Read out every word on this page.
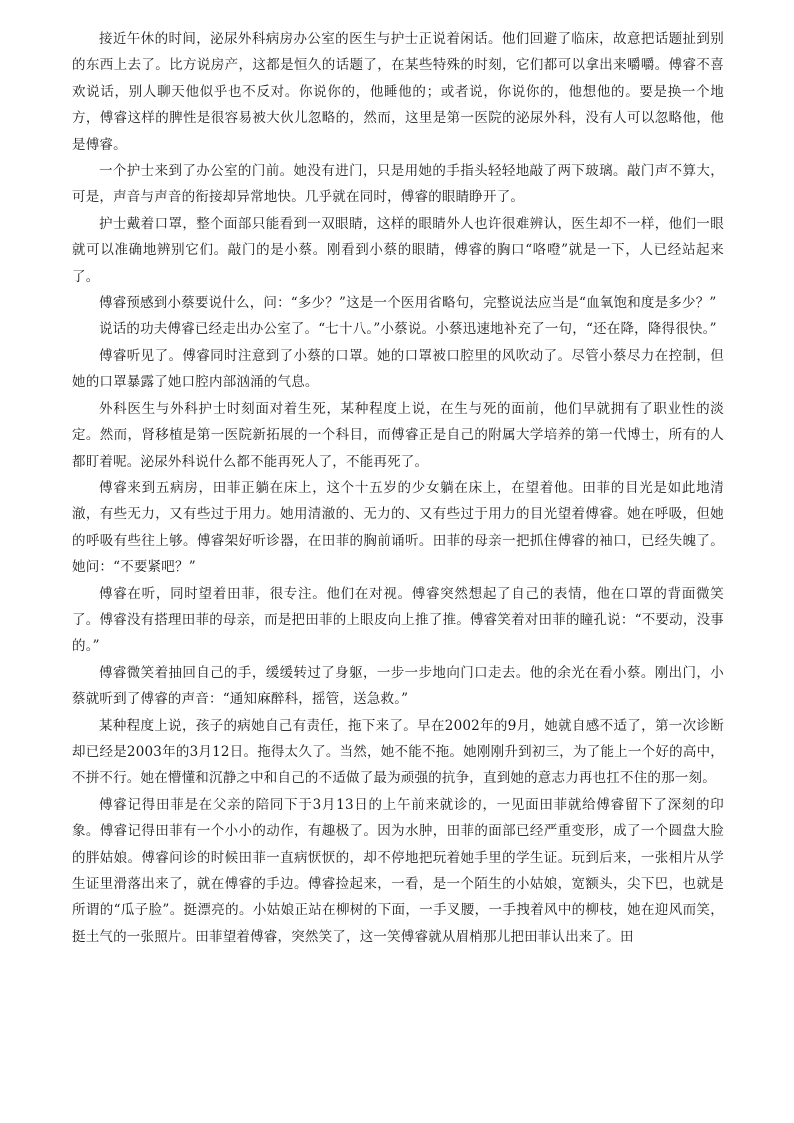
接近午休的时间，泌尿外科病房办公室的医生与护士正说着闲话。他们回避了临床，故意把话题扯到别的东西上去了。比方说房产，这都是恒久的话题了，在某些特殊的时刻，它们都可以拿出来嚼嚼。傅睿不喜欢说话，别人聊天他似乎也不反对。你说你的，他睡他的；或者说，你说你的，他想他的。要是换一个地方，傅睿这样的脾性是很容易被大伙儿忽略的，然而，这里是第一医院的泌尿外科，没有人可以忽略他，他是傅睿。

一个护士来到了办公室的门前。她没有进门，只是用她的手指头轻轻地敲了两下玻璃。敲门声不算大，可是，声音与声音的衔接却异常地快。几乎就在同时，傅睿的眼睛睁开了。

护士戴着口罩，整个面部只能看到一双眼睛，这样的眼睛外人也许很难辨认，医生却不一样，他们一眼就可以准确地辨别它们。敲门的是小蔡。刚看到小蔡的眼睛，傅睿的胸口“咯噔”就是一下，人已经站起来了。

傅睿预感到小蔡要说什么，问：“多少？”这是一个医用省略句，完整说法应当是“血氧饱和度是多少？”

说话的功夫傅睿已经走出办公室了。“七十八。”小蔡说。小蔡迅速地补充了一句，“还在降，降得很快。”

傅睿听见了。傅睿同时注意到了小蔡的口罩。她的口罩被口腔里的风吹动了。尽管小蔡尽力在控制，但她的口罩暴露了她口腔内部汹涌的气息。

外科医生与外科护士时刻面对着生死，某种程度上说，在生与死的面前，他们早就拥有了职业性的淡定。然而，肾移植是第一医院新拓展的一个科目，而傅睿正是自己的附属大学培养的第一代博士，所有的人都盯着呢。泌尿外科说什么都不能再死人了，不能再死了。

傅睿来到五病房，田菲正躺在床上，这个十五岁的少女躺在床上，在望着他。田菲的目光是如此地清澈，有些无力，又有些过于用力。她用清澈的、无力的、又有些过于用力的目光望着傅睿。她在呼吸，但她的呼吸有些往上够。傅睿架好听诊器，在田菲的胸前诵听。田菲的母亲一把抓住傅睿的袖口，已经失魄了。她问：“不要紧吧？”

傅睿在听，同时望着田菲，很专注。他们在对视。傅睿突然想起了自己的表情，他在口罩的背面微笑了。傅睿没有搭理田菲的母亲，而是把田菲的上眼皮向上推了推。傅睿笑着对田菲的瞳孔说：“不要动，没事的。”

傅睿微笑着抽回自己的手，缓缓转过了身躯，一步一步地向门口走去。他的余光在看小蔡。刚出门，小蔡就听到了傅睿的声音：“通知麻醉科，摇管，送急救。”

某种程度上说，孩子的病她自己有责任，拖下来了。早在2002年的9月，她就自感不适了，第一次诊断却已经是2003年的3月12日。拖得太久了。当然，她不能不拖。她刚刚升到初三，为了能上一个好的高中，不拼不行。她在懵懂和沉静之中和自己的不适做了最为顽强的抗争，直到她的意志力再也扛不住的那一刻。

傅睿记得田菲是在父亲的陪同下于3月13日的上午前来就诊的，一见面田菲就给傅睿留下了深刻的印象。傅睿记得田菲有一个小小的动作，有趣极了。因为水肿，田菲的面部已经严重变形，成了一个圆盘大脸的胖姑娘。傅睿问诊的时候田菲一直病恹恹的，却不停地把玩着她手里的学生证。玩到后来，一张相片从学生证里滑落出来了，就在傅睿的手边。傅睿捡起来，一看，是一个陌生的小姑娘，宽额头，尖下巴，也就是所谓的“瓜子脸”。挺漂亮的。小姑娘正站在柳树的下面，一手叉腰，一手拽着风中的柳枝，她在迎风而笑，挺土气的一张照片。田菲望着傅睿，突然笑了，这一笑傅睿就从眉梢那儿把田菲认出来了。田
